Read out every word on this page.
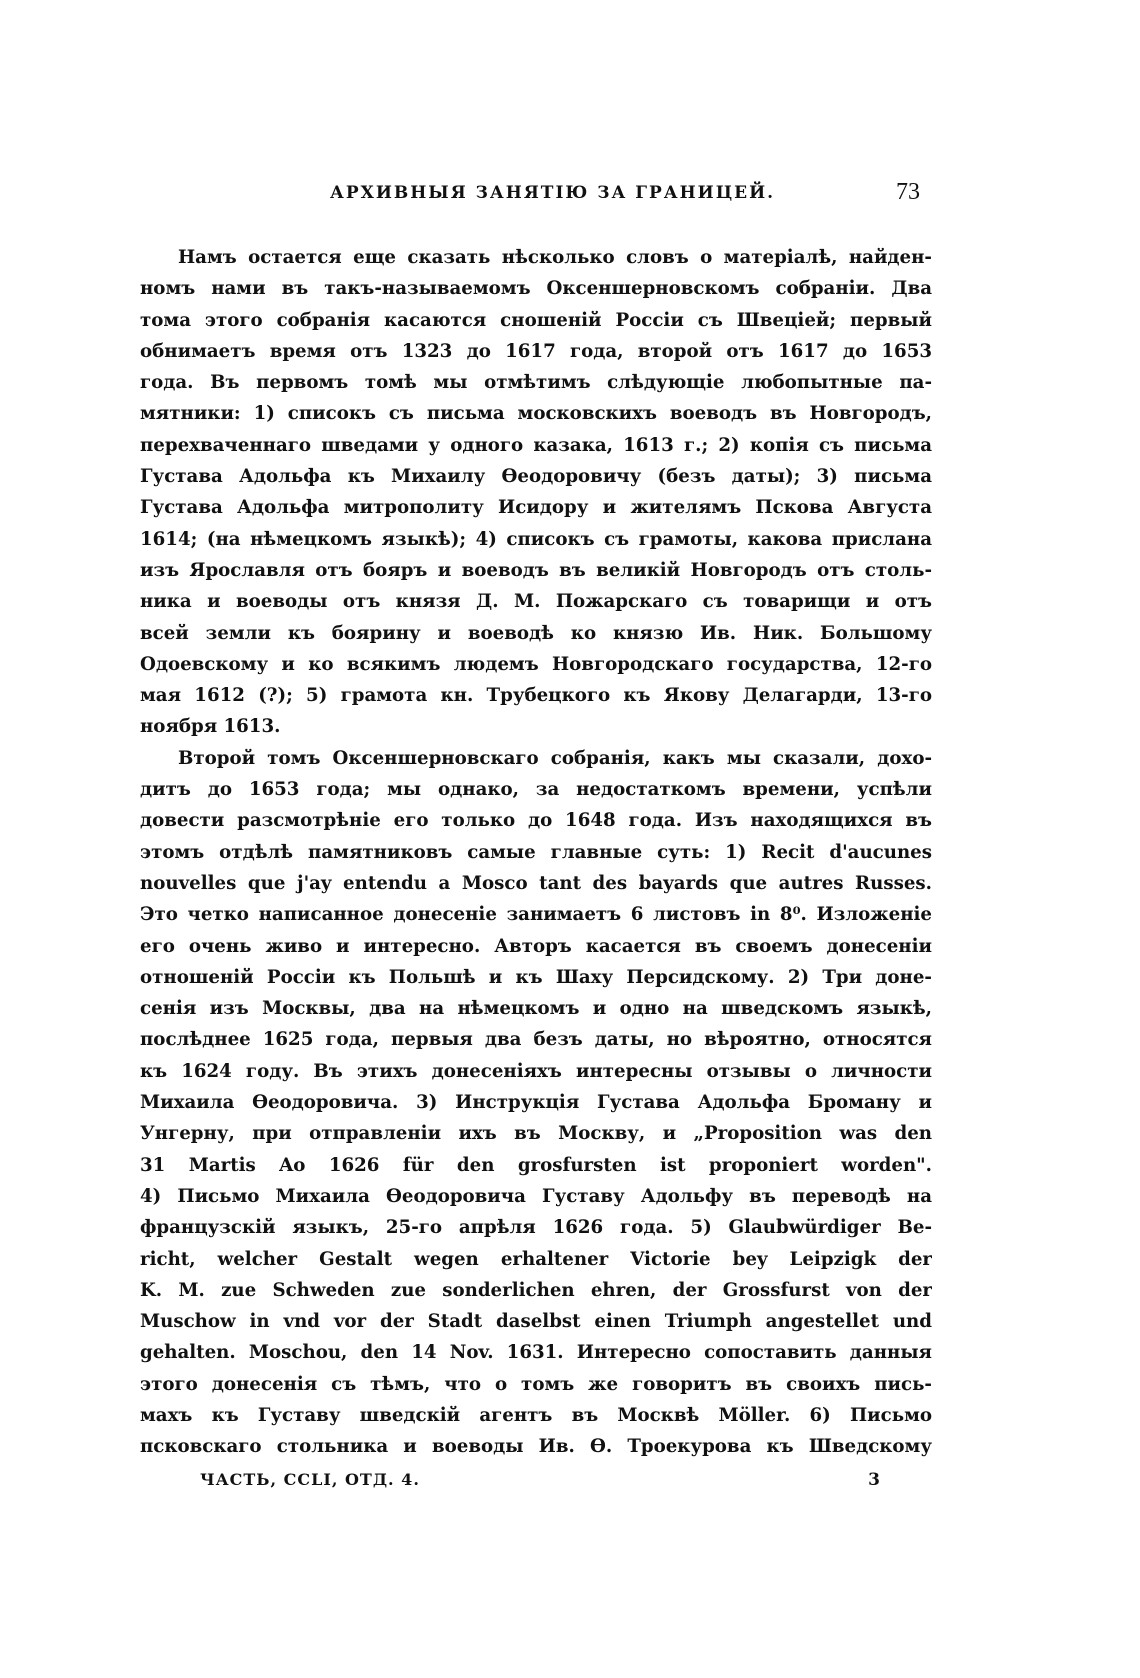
АРХИВНЫЯ ЗАНЯТІЮ ЗА ГРАНИЦЕЙ.	73
Намъ остается еще сказать нѣсколько словъ о матеріалѣ, найден-
номъ нами въ такъ-называемомъ Оксеншерновскомъ собраніи. Два
тома этого собранія касаются сношеній Россіи съ Швеціей; первый
обнимаетъ время отъ 1323 до 1617 года, второй отъ 1617 до 1653
года. Въ первомъ томѣ мы отмѣтимъ слѣдующіе любопытные па-
мятники: 1) списокъ съ письма московскихъ воеводъ въ Новгородъ,
перехваченнаго шведами у одного казака, 1613 г.; 2) копія съ письма
Густава Адольфа къ Михаилу Өеодоровичу (безъ даты); 3) письма
Густава Адольфа митрополиту Исидору и жителямъ Пскова Августа
1614; (на нѣмецкомъ языкѣ); 4) списокъ съ грамоты, какова прислана
изъ Ярославля отъ бояръ и воеводъ въ великій Новгородъ отъ столь-
ника и воеводы отъ князя Д. М. Пожарскаго съ товарищи и отъ
всей земли къ боярину и воеводѣ ко князю Ив. Ник. Большому
Одоевскому и ко всякимъ людемъ Новгородскаго государства, 12-го
мая 1612 (?); 5) грамота кн. Трубецкого къ Якову Делагарди, 13-го
ноября 1613.
Второй томъ Оксеншерновскаго собранія, какъ мы сказали, дохо-
дитъ до 1653 года; мы однако, за недостаткомъ времени, успѣли
довести разсмотрѣніе его только до 1648 года. Изъ находящихся въ
этомъ отдѣлѣ памятниковъ самые главные суть: 1) Recit d'aucunes
nouvelles que j'ay entendu a Mosco tant des bayards que autres Russes.
Это четко написанное донесеніе занимаетъ 6 листовъ in 8⁰. Изложеніе
его очень живо и интересно. Авторъ касается въ своемъ донесеніи
отношеній Россіи къ Польшѣ и къ Шаху Персидскому. 2) Три доне-
сенія изъ Москвы, два на нѣмецкомъ и одно на шведскомъ языкѣ,
послѣднее 1625 года, первыя два безъ даты, но вѣроятно, относятся
къ 1624 году. Въ этихъ донесеніяхъ интересны отзывы о личности
Михаила Өеодоровича. 3) Инструкція Густава Адольфа Броману и
Унгерну, при отправленіи ихъ въ Москву, и „Proposition was den
31 Martis Ao 1626 für den grosfursten ist proponiert worden".
4) Письмо Михаила Өеодоровича Густаву Адольфу въ переводѣ на
французскій языкъ, 25-го апрѣля 1626 года. 5) Glaubwürdiger Be-
richt, welcher Gestalt wegen erhaltener Victorie bey Leipzigk der
K. M. zue Schweden zue sonderlichen ehren, der Grossfurst von der
Muschow in vnd vor der Stadt daselbst einen Triumph angestellet und
gehalten. Moschou, den 14 Nov. 1631. Интересно сопоставить данныя
этого донесенія съ тѣмъ, что о томъ же говоритъ въ своихъ пись-
махъ къ Густаву шведскій агентъ въ Москвѣ Möller. 6) Письмо
псковскаго стольника и воеводы Ив. Ө. Троекурова къ Шведскому
ЧАСТЬ, CCLI, ОТД. 4.	3
